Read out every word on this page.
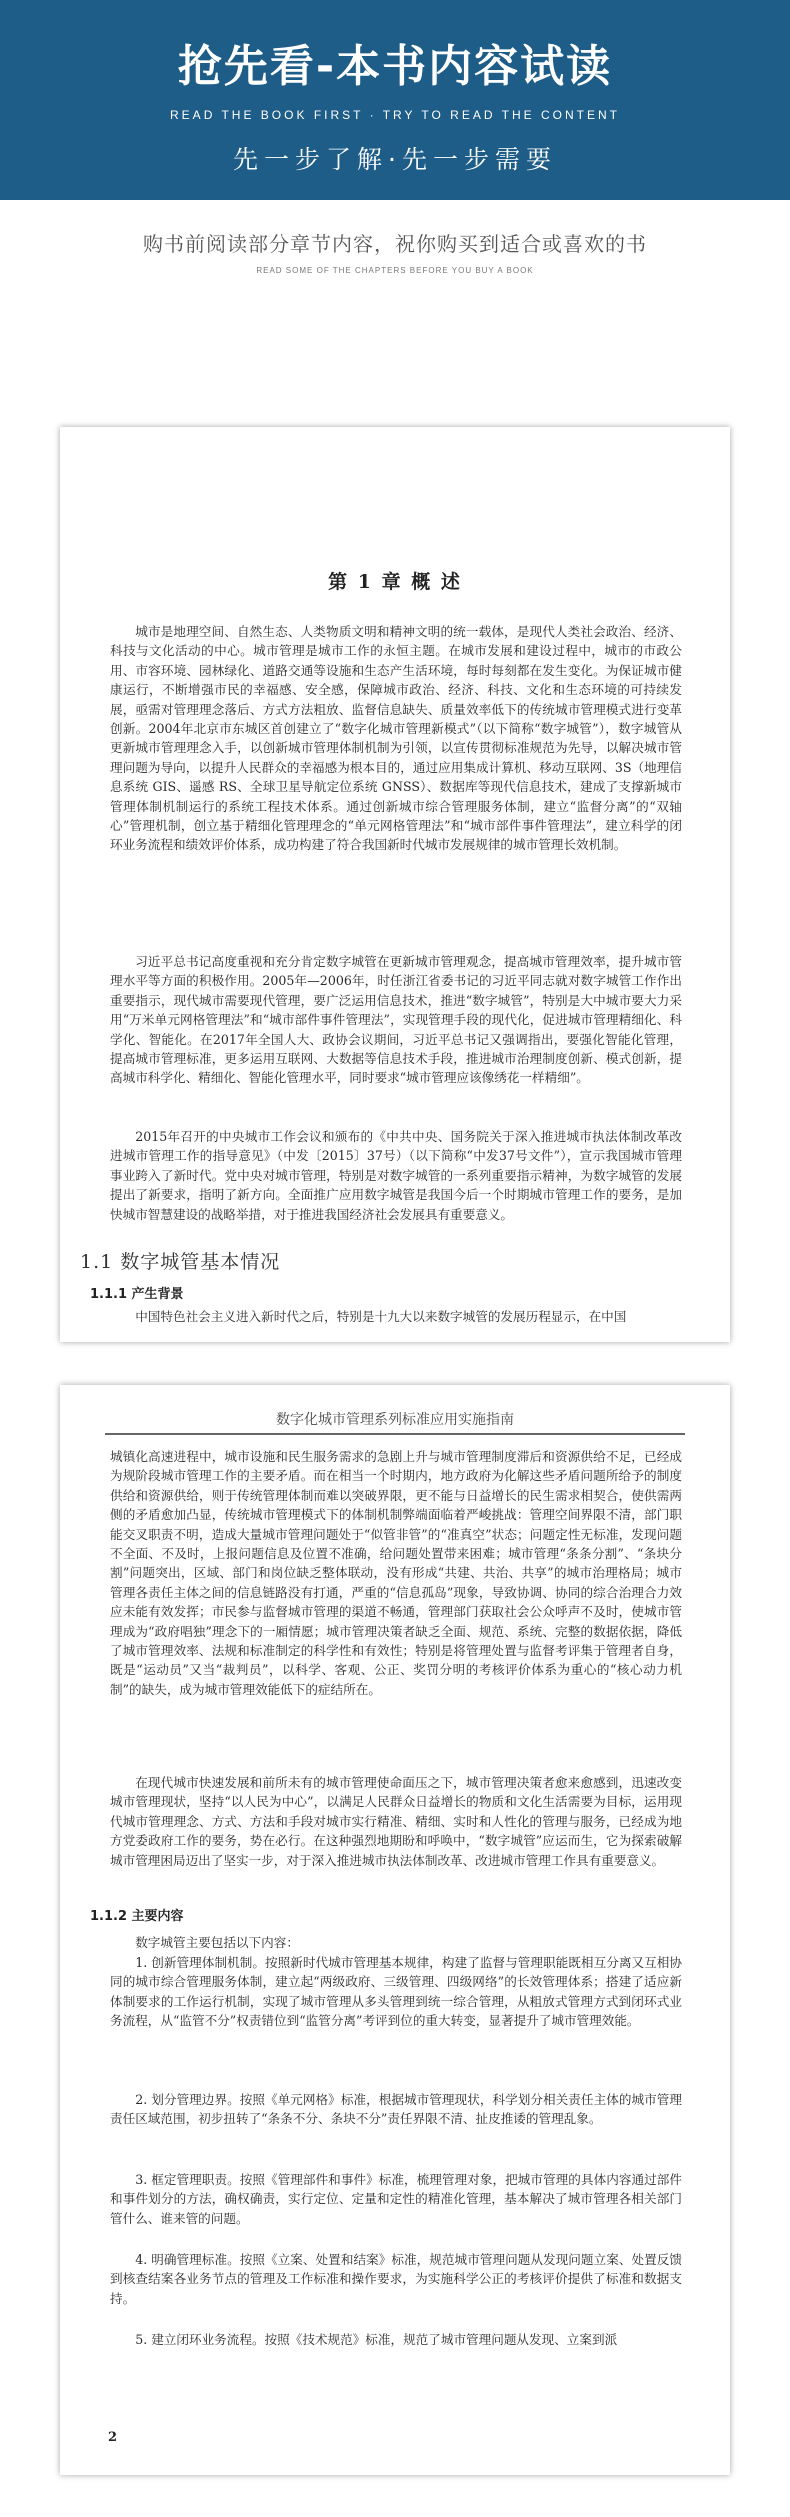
抢先看-本书内容试读
READ THE BOOK FIRST · TRY TO READ THE CONTENT
先一步了解·先一步需要
购书前阅读部分章节内容，祝你购买到适合或喜欢的书
READ SOME OF THE CHAPTERS BEFORE YOU BUY A BOOK
第 1 章 概 述
城市是地理空间、自然生态、人类物质文明和精神文明的统一载体，是现代人类社会政治、经济、科技与文化活动的中心。城市管理是城市工作的永恒主题。在城市发展和建设过程中，城市的市政公用、市容环境、园林绿化、道路交通等设施和生态产生活环境，每时每刻都在发生变化。为保证城市健康运行，不断增强市民的幸福感、安全感，保障城市政治、经济、科技、文化和生态环境的可持续发展，亟需对管理理念落后、方式方法粗放、监督信息缺失、质量效率低下的传统城市管理模式进行变革创新。2004年北京市东城区首创建立了“数字化城市管理新模式”（以下简称“数字城管”），数字城管从更新城市管理理念入手，以创新城市管理体制机制为引领，以宣传贯彻标准规范为先导，以解决城市管理问题为导向，以提升人民群众的幸福感为根本目的，通过应用集成计算机、移动互联网、3S（地理信息系统 GIS、遥感 RS、全球卫星导航定位系统 GNSS）、数据库等现代信息技术，建成了支撑新城市管理体制机制运行的系统工程技术体系。通过创新城市综合管理服务体制，建立“监督分离”的“双轴心”管理机制，创立基于精细化管理理念的“单元网格管理法”和“城市部件事件管理法”，建立科学的闭环业务流程和绩效评价体系，成功构建了符合我国新时代城市发展规律的城市管理长效机制。
习近平总书记高度重视和充分肯定数字城管在更新城市管理观念，提高城市管理效率，提升城市管理水平等方面的积极作用。2005年—2006年，时任浙江省委书记的习近平同志就对数字城管工作作出重要指示，现代城市需要现代管理，要广泛运用信息技术，推进“数字城管”，特别是大中城市要大力采用“万米单元网格管理法”和“城市部件事件管理法”，实现管理手段的现代化，促进城市管理精细化、科学化、智能化。在2017年全国人大、政协会议期间，习近平总书记又强调指出，要强化智能化管理，提高城市管理标准，更多运用互联网、大数据等信息技术手段，推进城市治理制度创新、模式创新，提高城市科学化、精细化、智能化管理水平，同时要求“城市管理应该像绣花一样精细”。
2015年召开的中央城市工作会议和颁布的《中共中央、国务院关于深入推进城市执法体制改革改进城市管理工作的指导意见》（中发〔2015〕37号）（以下简称“中发37号文件”），宣示我国城市管理事业跨入了新时代。党中央对城市管理，特别是对数字城管的一系列重要指示精神，为数字城管的发展提出了新要求，指明了新方向。全面推广应用数字城管是我国今后一个时期城市管理工作的要务，是加快城市智慧建设的战略举措，对于推进我国经济社会发展具有重要意义。
1.1 数字城管基本情况
1.1.1 产生背景
中国特色社会主义进入新时代之后，特别是十九大以来数字城管的发展历程显示，在中国
数字化城市管理系列标准应用实施指南
城镇化高速进程中，城市设施和民生服务需求的急剧上升与城市管理制度滞后和资源供给不足，已经成为规阶段城市管理工作的主要矛盾。而在相当一个时期内，地方政府为化解这些矛盾问题所给予的制度供给和资源供给，则于传统管理体制而难以突破界限，更不能与日益增长的民生需求相契合，使供需两侧的矛盾愈加凸显，传统城市管理模式下的体制机制弊端面临着严峻挑战：管理空间界限不清，部门职能交叉职责不明，造成大量城市管理问题处于“似管非管”的“准真空”状态；问题定性无标准，发现问题不全面、不及时，上报问题信息及位置不准确，给问题处置带来困难；城市管理“条条分割”、“条块分割”问题突出，区域、部门和岗位缺乏整体联动，没有形成“共建、共治、共享”的城市治理格局；城市管理各责任主体之间的信息链路没有打通，严重的“信息孤岛”现象，导致协调、协同的综合治理合力效应未能有效发挥；市民参与监督城市管理的渠道不畅通，管理部门获取社会公众呼声不及时，使城市管理成为“政府唱独”理念下的一厢情愿；城市管理决策者缺乏全面、规范、系统、完整的数据依据，降低了城市管理效率、法规和标准制定的科学性和有效性；特别是将管理处置与监督考评集于管理者自身，既是“运动员”又当“裁判员”，以科学、客观、公正、奖罚分明的考核评价体系为重心的“核心动力机制”的缺失，成为城市管理效能低下的症结所在。
在现代城市快速发展和前所未有的城市管理使命面压之下，城市管理决策者愈来愈感到，迅速改变城市管理现状，坚持“以人民为中心”，以满足人民群众日益增长的物质和文化生活需要为目标，运用现代城市管理理念、方式、方法和手段对城市实行精准、精细、实时和人性化的管理与服务，已经成为地方党委政府工作的要务，势在必行。在这种强烈地期盼和呼唤中，“数字城管”应运而生，它为探索破解城市管理困局迈出了坚实一步，对于深入推进城市执法体制改革、改进城市管理工作具有重要意义。
1.1.2 主要内容
数字城管主要包括以下内容：
1. 创新管理体制机制。按照新时代城市管理基本规律，构建了监督与管理职能既相互分离又互相协同的城市综合管理服务体制，建立起“两级政府、三级管理、四级网络”的长效管理体系；搭建了适应新体制要求的工作运行机制，实现了城市管理从多头管理到统一综合管理，从粗放式管理方式到闭环式业务流程，从“监管不分”权责错位到“监管分离”考评到位的重大转变，显著提升了城市管理效能。
2. 划分管理边界。按照《单元网格》标准，根据城市管理现状，科学划分相关责任主体的城市管理责任区域范围，初步扭转了“条条不分、条块不分”责任界限不清、扯皮推诿的管理乱象。
3. 框定管理职责。按照《管理部件和事件》标准，梳理管理对象，把城市管理的具体内容通过部件和事件划分的方法，确权确责，实行定位、定量和定性的精准化管理，基本解决了城市管理各相关部门管什么、谁来管的问题。
4. 明确管理标准。按照《立案、处置和结案》标准，规范城市管理问题从发现问题立案、处置反馈到核查结案各业务节点的管理及工作标准和操作要求，为实施科学公正的考核评价提供了标准和数据支持。
5. 建立闭环业务流程。按照《技术规范》标准，规范了城市管理问题从发现、立案到派
2
